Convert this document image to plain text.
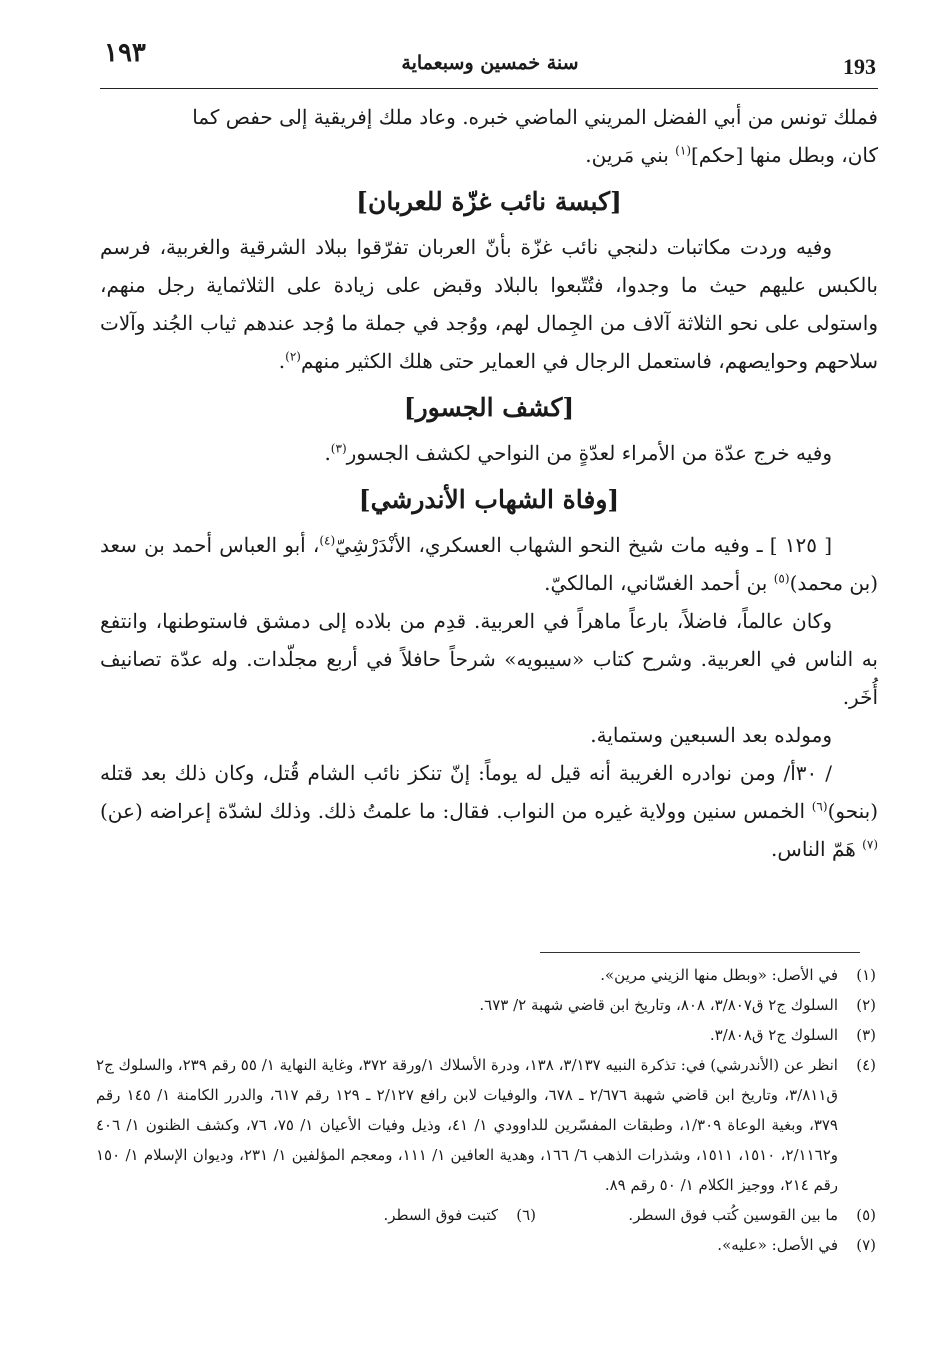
١٩٣	سنة خمسين وسبعماية	193

فملك تونس من أبي الفضل المريني الماضي خبره. وعاد ملك إفريقية إلى حفص كما
كان، وبطل منها [حكم]$^{(١)}$ بني مَرين.

[كبسة نائب غزّة للعربان]

وفيه وردت مكاتبات دلنجي نائب غزّة بأنّ العربان تفرّقوا ببلاد الشرقية والغربية، فرسم بالكبس عليهم حيث ما وجدوا، فتُتّبعوا بالبلاد وقبض على زيادة على الثلاثماية رجل منهم، واستولى على نحو الثلاثة آلاف من الجِمال لهم، ووُجد في جملة ما وُجد عندهم ثياب الجُند وآلات سلاحهم وحوايصهم، فاستعمل الرجال في العماير حتى هلك الكثير منهم$^{(٢)}$.

[كشف الجسور]

وفيه خرج عدّة من الأمراء لعدّةٍ من النواحي لكشف الجسور$^{(٣)}$.

[وفاة الشهاب الأندرشي]

[ ١٢٥ ] ـ وفيه مات شيخ النحو الشهاب العسكري، الأنْدَرْشِيّ$^{(٤)}$، أبو العباس أحمد بن سعد (بن محمد)$^{(٥)}$ بن أحمد الغسّاني، المالكيّ.

وكان عالماً، فاضلاً، بارعاً ماهراً في العربية. قدِم من بلاده إلى دمشق فاستوطنها، وانتفع به الناس في العربية. وشرح كتاب «سيبويه» شرحاً حافلاً في أربع مجلّدات. وله عدّة تصانيف أُخَر.

ومولده بعد السبعين وستماية.

/ ٣٠أ/ ومن نوادره الغريبة أنه قيل له يوماً: إنّ تنكز نائب الشام قُتل، وكان ذلك بعد قتله (بنحو)$^{(٦)}$ الخمس سنين وولاية غيره من النواب. فقال: ما علمتُ ذلك. وذلك لشدّة إعراضه (عن)$^{(٧)}$ هَمّ الناس.

(١)
في الأصل: «وبطل منها الزيني مرين».

(٢)
السلوك ج٢ ق٣/٨٠٧، ٨٠٨، وتاريخ ابن قاضي شهبة ٢/ ٦٧٣.

(٣)
السلوك ج٢ ق٣/٨٠٨.

(٤)
انظر عن (الأندرشي) في: تذكرة النبيه ٣/١٣٧، ١٣٨، ودرة الأسلاك ١/ورقة ٣٧٢، وغاية النهاية ١/ ٥٥ رقم ٢٣٩، والسلوك ج٢ ق٣/٨١١، وتاريخ ابن قاضي شهبة ٢/٦٧٦ ـ ٦٧٨، والوفيات لابن رافع ٢/١٢٧ ـ ١٢٩ رقم ٦١٧، والدرر الكامنة ١/ ١٤٥ رقم ٣٧٩، وبغية الوعاة ١/٣٠٩، وطبقات المفسّرين للداوودي ١/ ٤١، وذيل وفيات الأعيان ١/ ٧٥، ٧٦، وكشف الظنون ١/ ٤٠٦ و٢/١١٦٢، ١٥١٠، ١٥١١، وشذرات الذهب ٦/ ١٦٦، وهدية العافين ١/ ١١١، ومعجم المؤلفين ١/ ٢٣١، وديوان الإسلام ١/ ١٥٠ رقم ٢١٤، ووجيز الكلام ١/ ٥٠ رقم ٨٩.

(٥)
ما بين القوسين كُتب فوق السطر.

(٦)
كتبت فوق السطر.

(٧)
في الأصل: «عليه».
